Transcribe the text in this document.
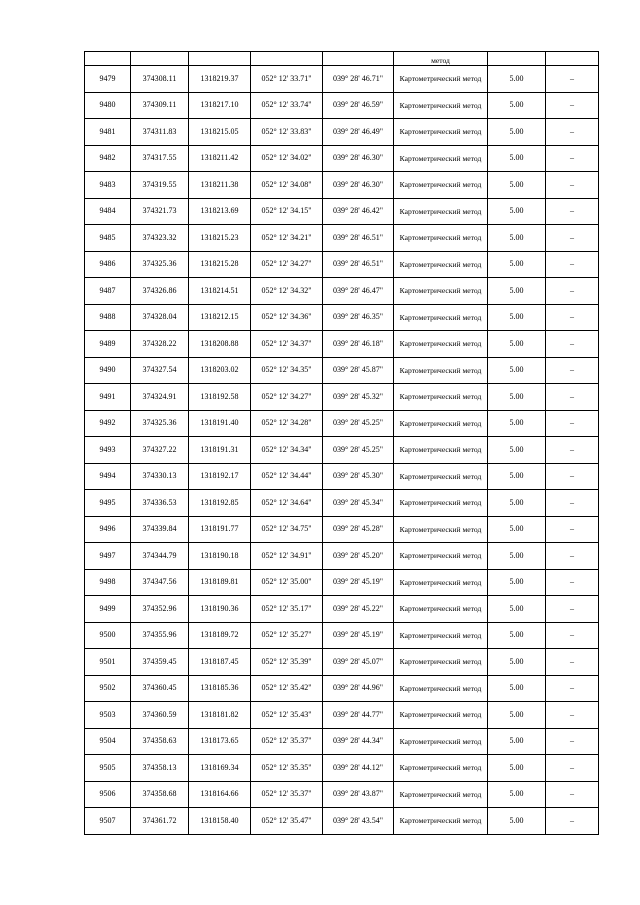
					метод		
9479	374308.11	1318219.37	052° 12' 33.71"	039° 28' 46.71"	Картометрический метод	5.00	–
9480	374309.11	1318217.10	052° 12' 33.74"	039° 28' 46.59"	Картометрический метод	5.00	–
9481	374311.83	1318215.05	052° 12' 33.83"	039° 28' 46.49"	Картометрический метод	5.00	–
9482	374317.55	1318211.42	052° 12' 34.02"	039° 28' 46.30"	Картометрический метод	5.00	–
9483	374319.55	1318211.38	052° 12' 34.08"	039° 28' 46.30"	Картометрический метод	5.00	–
9484	374321.73	1318213.69	052° 12' 34.15"	039° 28' 46.42"	Картометрический метод	5.00	–
9485	374323.32	1318215.23	052° 12' 34.21"	039° 28' 46.51"	Картометрический метод	5.00	–
9486	374325.36	1318215.28	052° 12' 34.27"	039° 28' 46.51"	Картометрический метод	5.00	–
9487	374326.86	1318214.51	052° 12' 34.32"	039° 28' 46.47"	Картометрический метод	5.00	–
9488	374328.04	1318212.15	052° 12' 34.36"	039° 28' 46.35"	Картометрический метод	5.00	–
9489	374328.22	1318208.88	052° 12' 34.37"	039° 28' 46.18"	Картометрический метод	5.00	–
9490	374327.54	1318203.02	052° 12' 34.35"	039° 28' 45.87"	Картометрический метод	5.00	–
9491	374324.91	1318192.58	052° 12' 34.27"	039° 28' 45.32"	Картометрический метод	5.00	–
9492	374325.36	1318191.40	052° 12' 34.28"	039° 28' 45.25"	Картометрический метод	5.00	–
9493	374327.22	1318191.31	052° 12' 34.34"	039° 28' 45.25"	Картометрический метод	5.00	–
9494	374330.13	1318192.17	052° 12' 34.44"	039° 28' 45.30"	Картометрический метод	5.00	–
9495	374336.53	1318192.85	052° 12' 34.64"	039° 28' 45.34"	Картометрический метод	5.00	–
9496	374339.84	1318191.77	052° 12' 34.75"	039° 28' 45.28"	Картометрический метод	5.00	–
9497	374344.79	1318190.18	052° 12' 34.91"	039° 28' 45.20"	Картометрический метод	5.00	–
9498	374347.56	1318189.81	052° 12' 35.00"	039° 28' 45.19"	Картометрический метод	5.00	–
9499	374352.96	1318190.36	052° 12' 35.17"	039° 28' 45.22"	Картометрический метод	5.00	–
9500	374355.96	1318189.72	052° 12' 35.27"	039° 28' 45.19"	Картометрический метод	5.00	–
9501	374359.45	1318187.45	052° 12' 35.39"	039° 28' 45.07"	Картометрический метод	5.00	–
9502	374360.45	1318185.36	052° 12' 35.42"	039° 28' 44.96"	Картометрический метод	5.00	–
9503	374360.59	1318181.82	052° 12' 35.43"	039° 28' 44.77"	Картометрический метод	5.00	–
9504	374358.63	1318173.65	052° 12' 35.37"	039° 28' 44.34"	Картометрический метод	5.00	–
9505	374358.13	1318169.34	052° 12' 35.35"	039° 28' 44.12"	Картометрический метод	5.00	–
9506	374358.68	1318164.66	052° 12' 35.37"	039° 28' 43.87"	Картометрический метод	5.00	–
9507	374361.72	1318158.40	052° 12' 35.47"	039° 28' 43.54"	Картометрический метод	5.00	–
